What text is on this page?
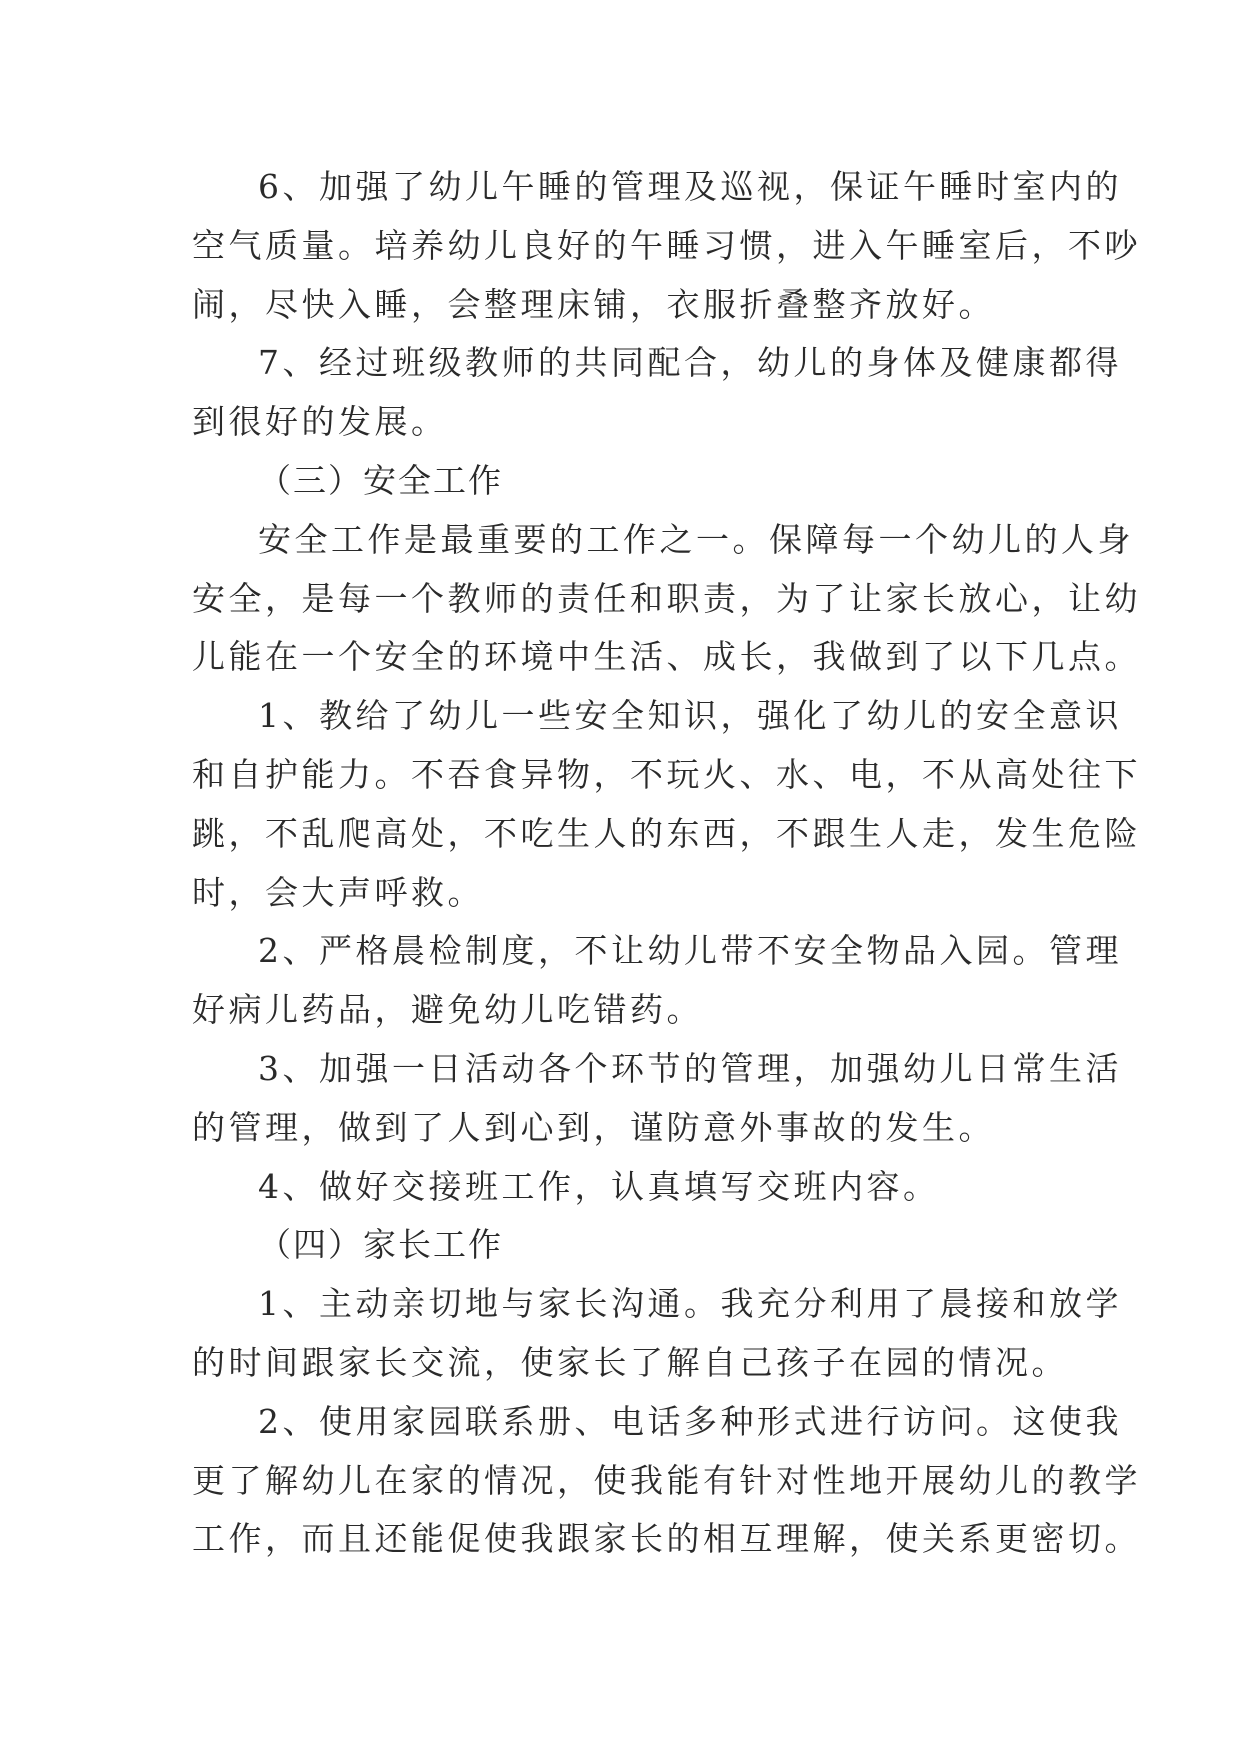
6、加强了幼儿午睡的管理及巡视，保证午睡时室内的
空气质量。培养幼儿良好的午睡习惯，进入午睡室后，不吵
闹，尽快入睡，会整理床铺，衣服折叠整齐放好。

7、经过班级教师的共同配合，幼儿的身体及健康都得
到很好的发展。

（三）安全工作

安全工作是最重要的工作之一。保障每一个幼儿的人身
安全，是每一个教师的责任和职责，为了让家长放心，让幼
儿能在一个安全的环境中生活、成长，我做到了以下几点。

1、教给了幼儿一些安全知识，强化了幼儿的安全意识
和自护能力。不吞食异物，不玩火、水、电，不从高处往下
跳，不乱爬高处，不吃生人的东西，不跟生人走，发生危险
时，会大声呼救。

2、严格晨检制度，不让幼儿带不安全物品入园。管理
好病儿药品，避免幼儿吃错药。

3、加强一日活动各个环节的管理，加强幼儿日常生活
的管理，做到了人到心到，谨防意外事故的发生。

4、做好交接班工作，认真填写交班内容。

（四）家长工作

1、主动亲切地与家长沟通。我充分利用了晨接和放学
的时间跟家长交流，使家长了解自己孩子在园的情况。

2、使用家园联系册、电话多种形式进行访问。这使我
更了解幼儿在家的情况，使我能有针对性地开展幼儿的教学
工作，而且还能促使我跟家长的相互理解，使关系更密切。
